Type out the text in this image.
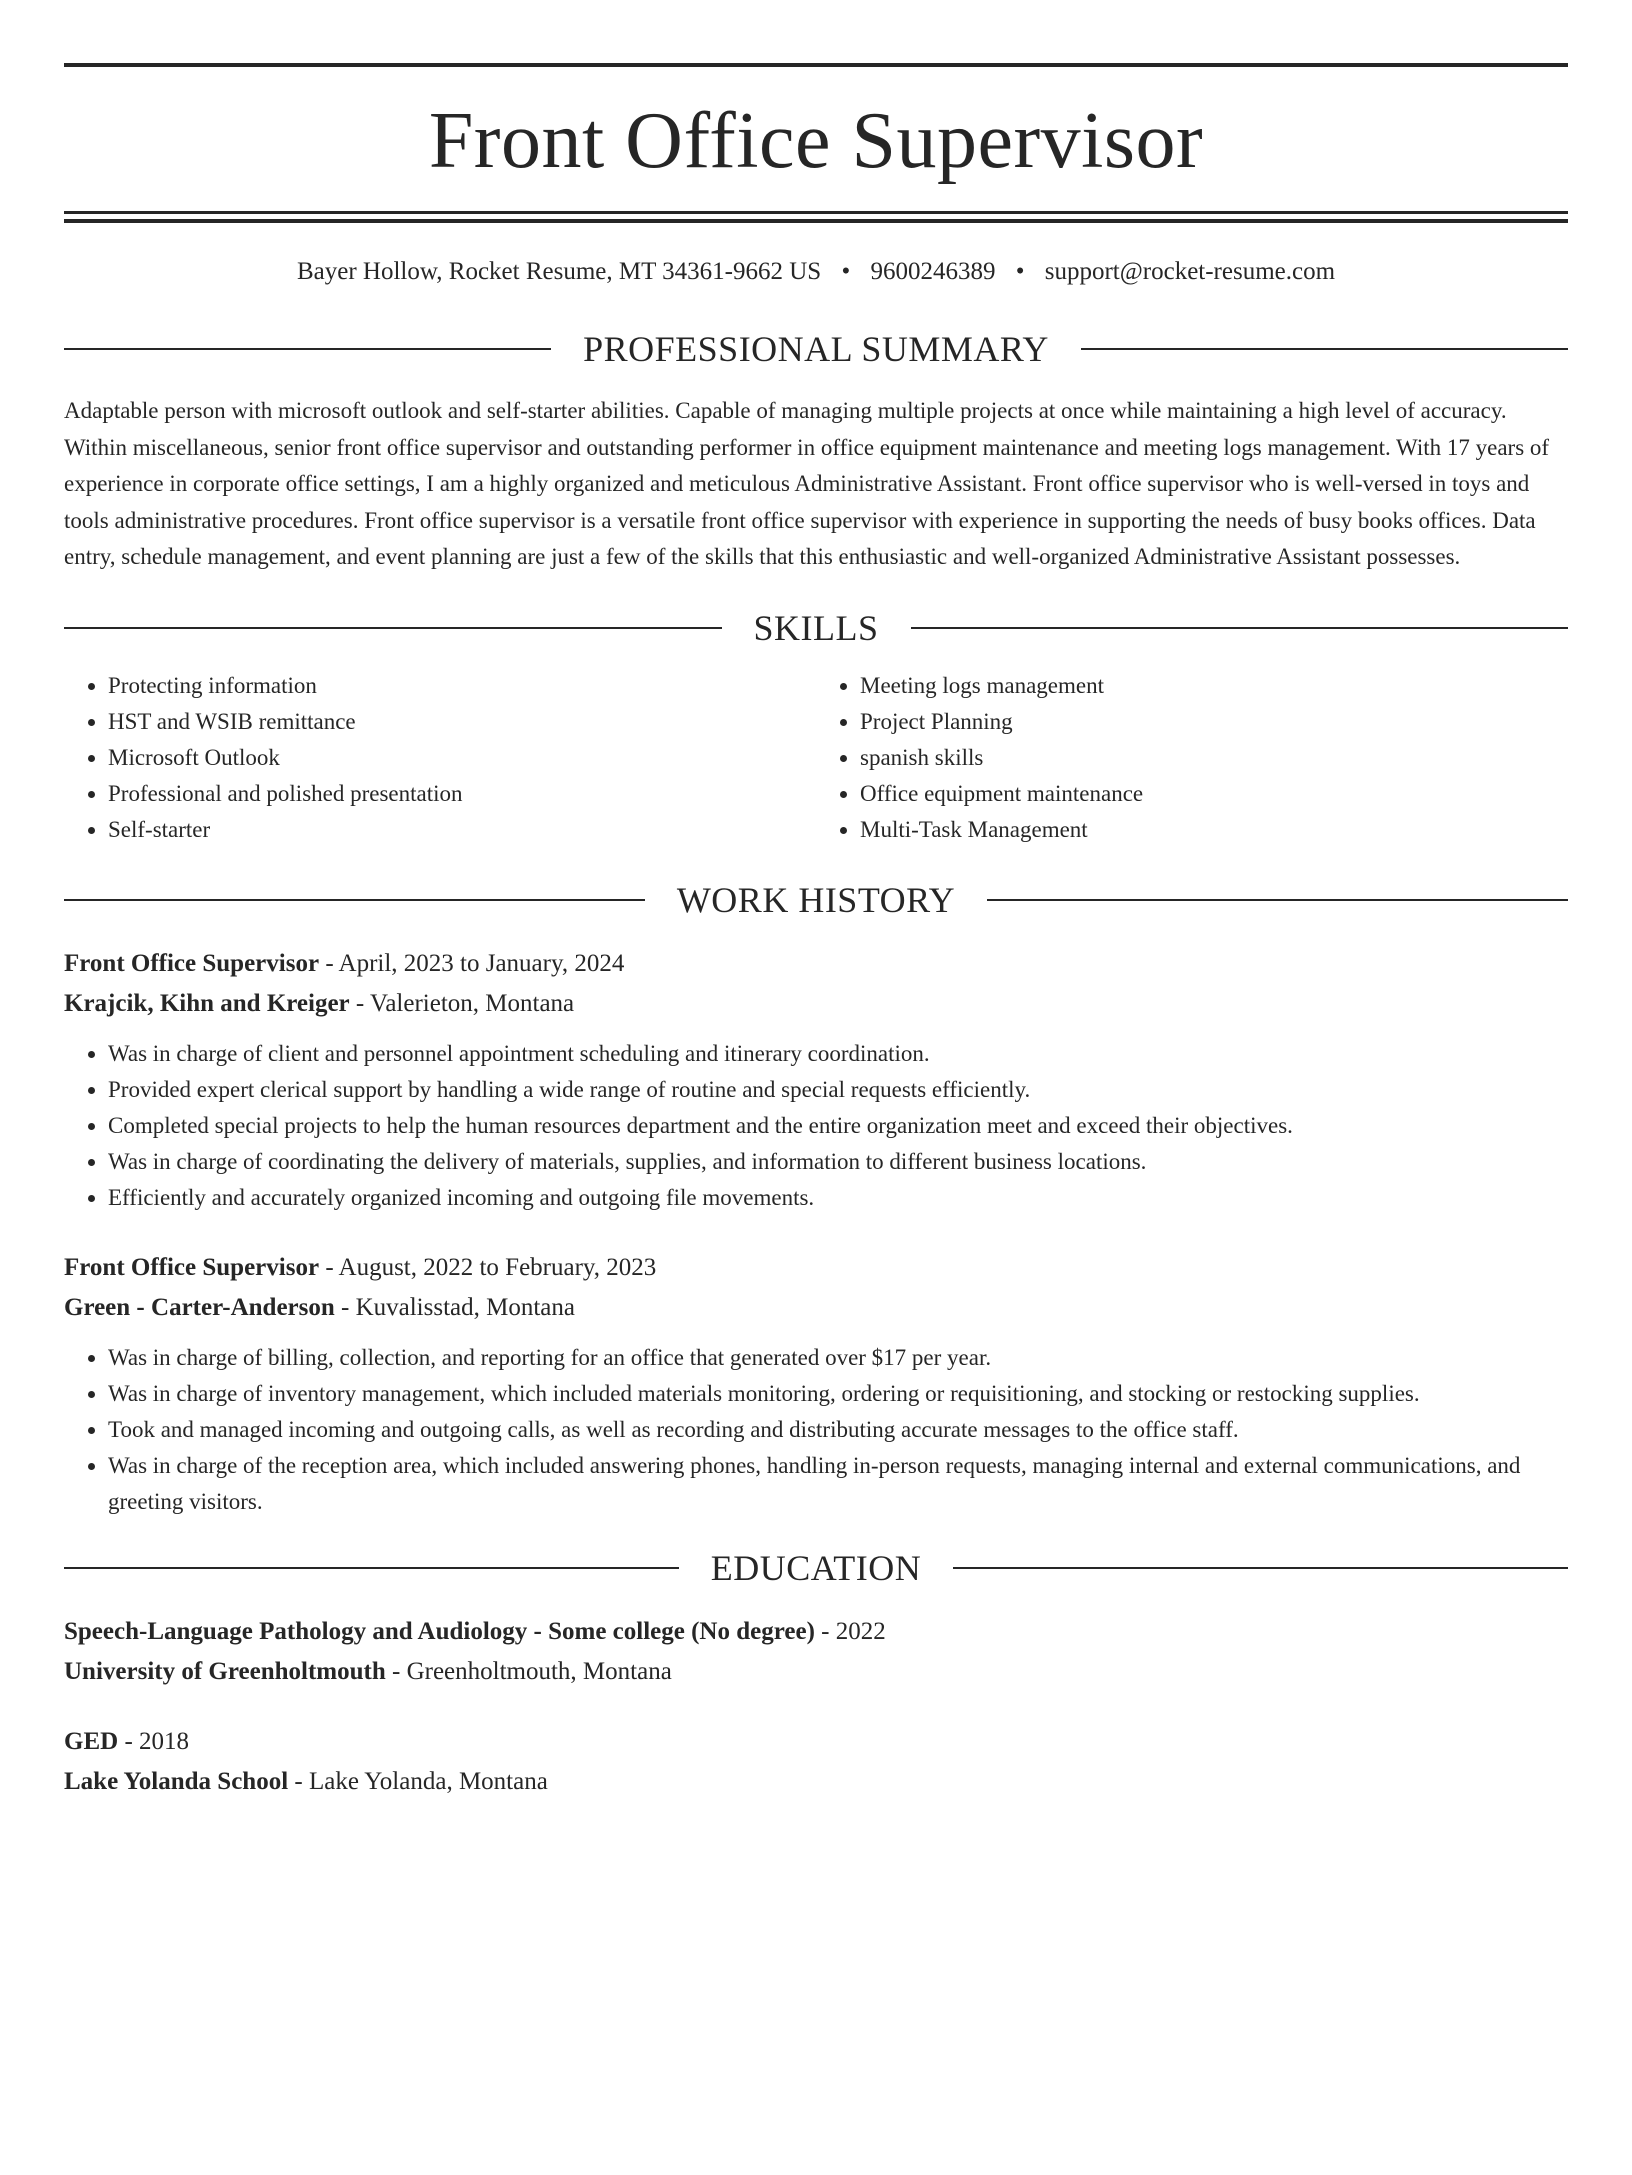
Front Office Supervisor
Bayer Hollow, Rocket Resume, MT 34361-9662 US • 9600246389 • support@rocket-resume.com
PROFESSIONAL SUMMARY

Adaptable person with microsoft outlook and self-starter abilities. Capable of managing multiple projects at once while maintaining a high level of accuracy. Within miscellaneous, senior front office supervisor and outstanding performer in office equipment maintenance and meeting logs management. With 17 years of experience in corporate office settings, I am a highly organized and meticulous Administrative Assistant. Front office supervisor who is well-versed in toys and tools administrative procedures. Front office supervisor is a versatile front office supervisor with experience in supporting the needs of busy books offices. Data entry, schedule management, and event planning are just a few of the skills that this enthusiastic and well-organized Administrative Assistant possesses.

SKILLS
• Protecting information
• HST and WSIB remittance
• Microsoft Outlook
• Professional and polished presentation
• Self-starter
• Meeting logs management
• Project Planning
• spanish skills
• Office equipment maintenance
• Multi-Task Management
WORK HISTORY
Front Office Supervisor - April, 2023 to January, 2024
Krajcik, Kihn and Kreiger - Valerieton, Montana
• Was in charge of client and personnel appointment scheduling and itinerary coordination.
• Provided expert clerical support by handling a wide range of routine and special requests efficiently.
• Completed special projects to help the human resources department and the entire organization meet and exceed their objectives.
• Was in charge of coordinating the delivery of materials, supplies, and information to different business locations.
• Efficiently and accurately organized incoming and outgoing file movements.
Front Office Supervisor - August, 2022 to February, 2023
Green - Carter-Anderson - Kuvalisstad, Montana
• Was in charge of billing, collection, and reporting for an office that generated over $17 per year.
• Was in charge of inventory management, which included materials monitoring, ordering or requisitioning, and stocking or restocking supplies.
• Took and managed incoming and outgoing calls, as well as recording and distributing accurate messages to the office staff.
• Was in charge of the reception area, which included answering phones, handling in-person requests, managing internal and external communications, and greeting visitors.
EDUCATION
Speech-Language Pathology and Audiology - Some college (No degree) - 2022
University of Greenholtmouth - Greenholtmouth, Montana
GED - 2018
Lake Yolanda School - Lake Yolanda, Montana
